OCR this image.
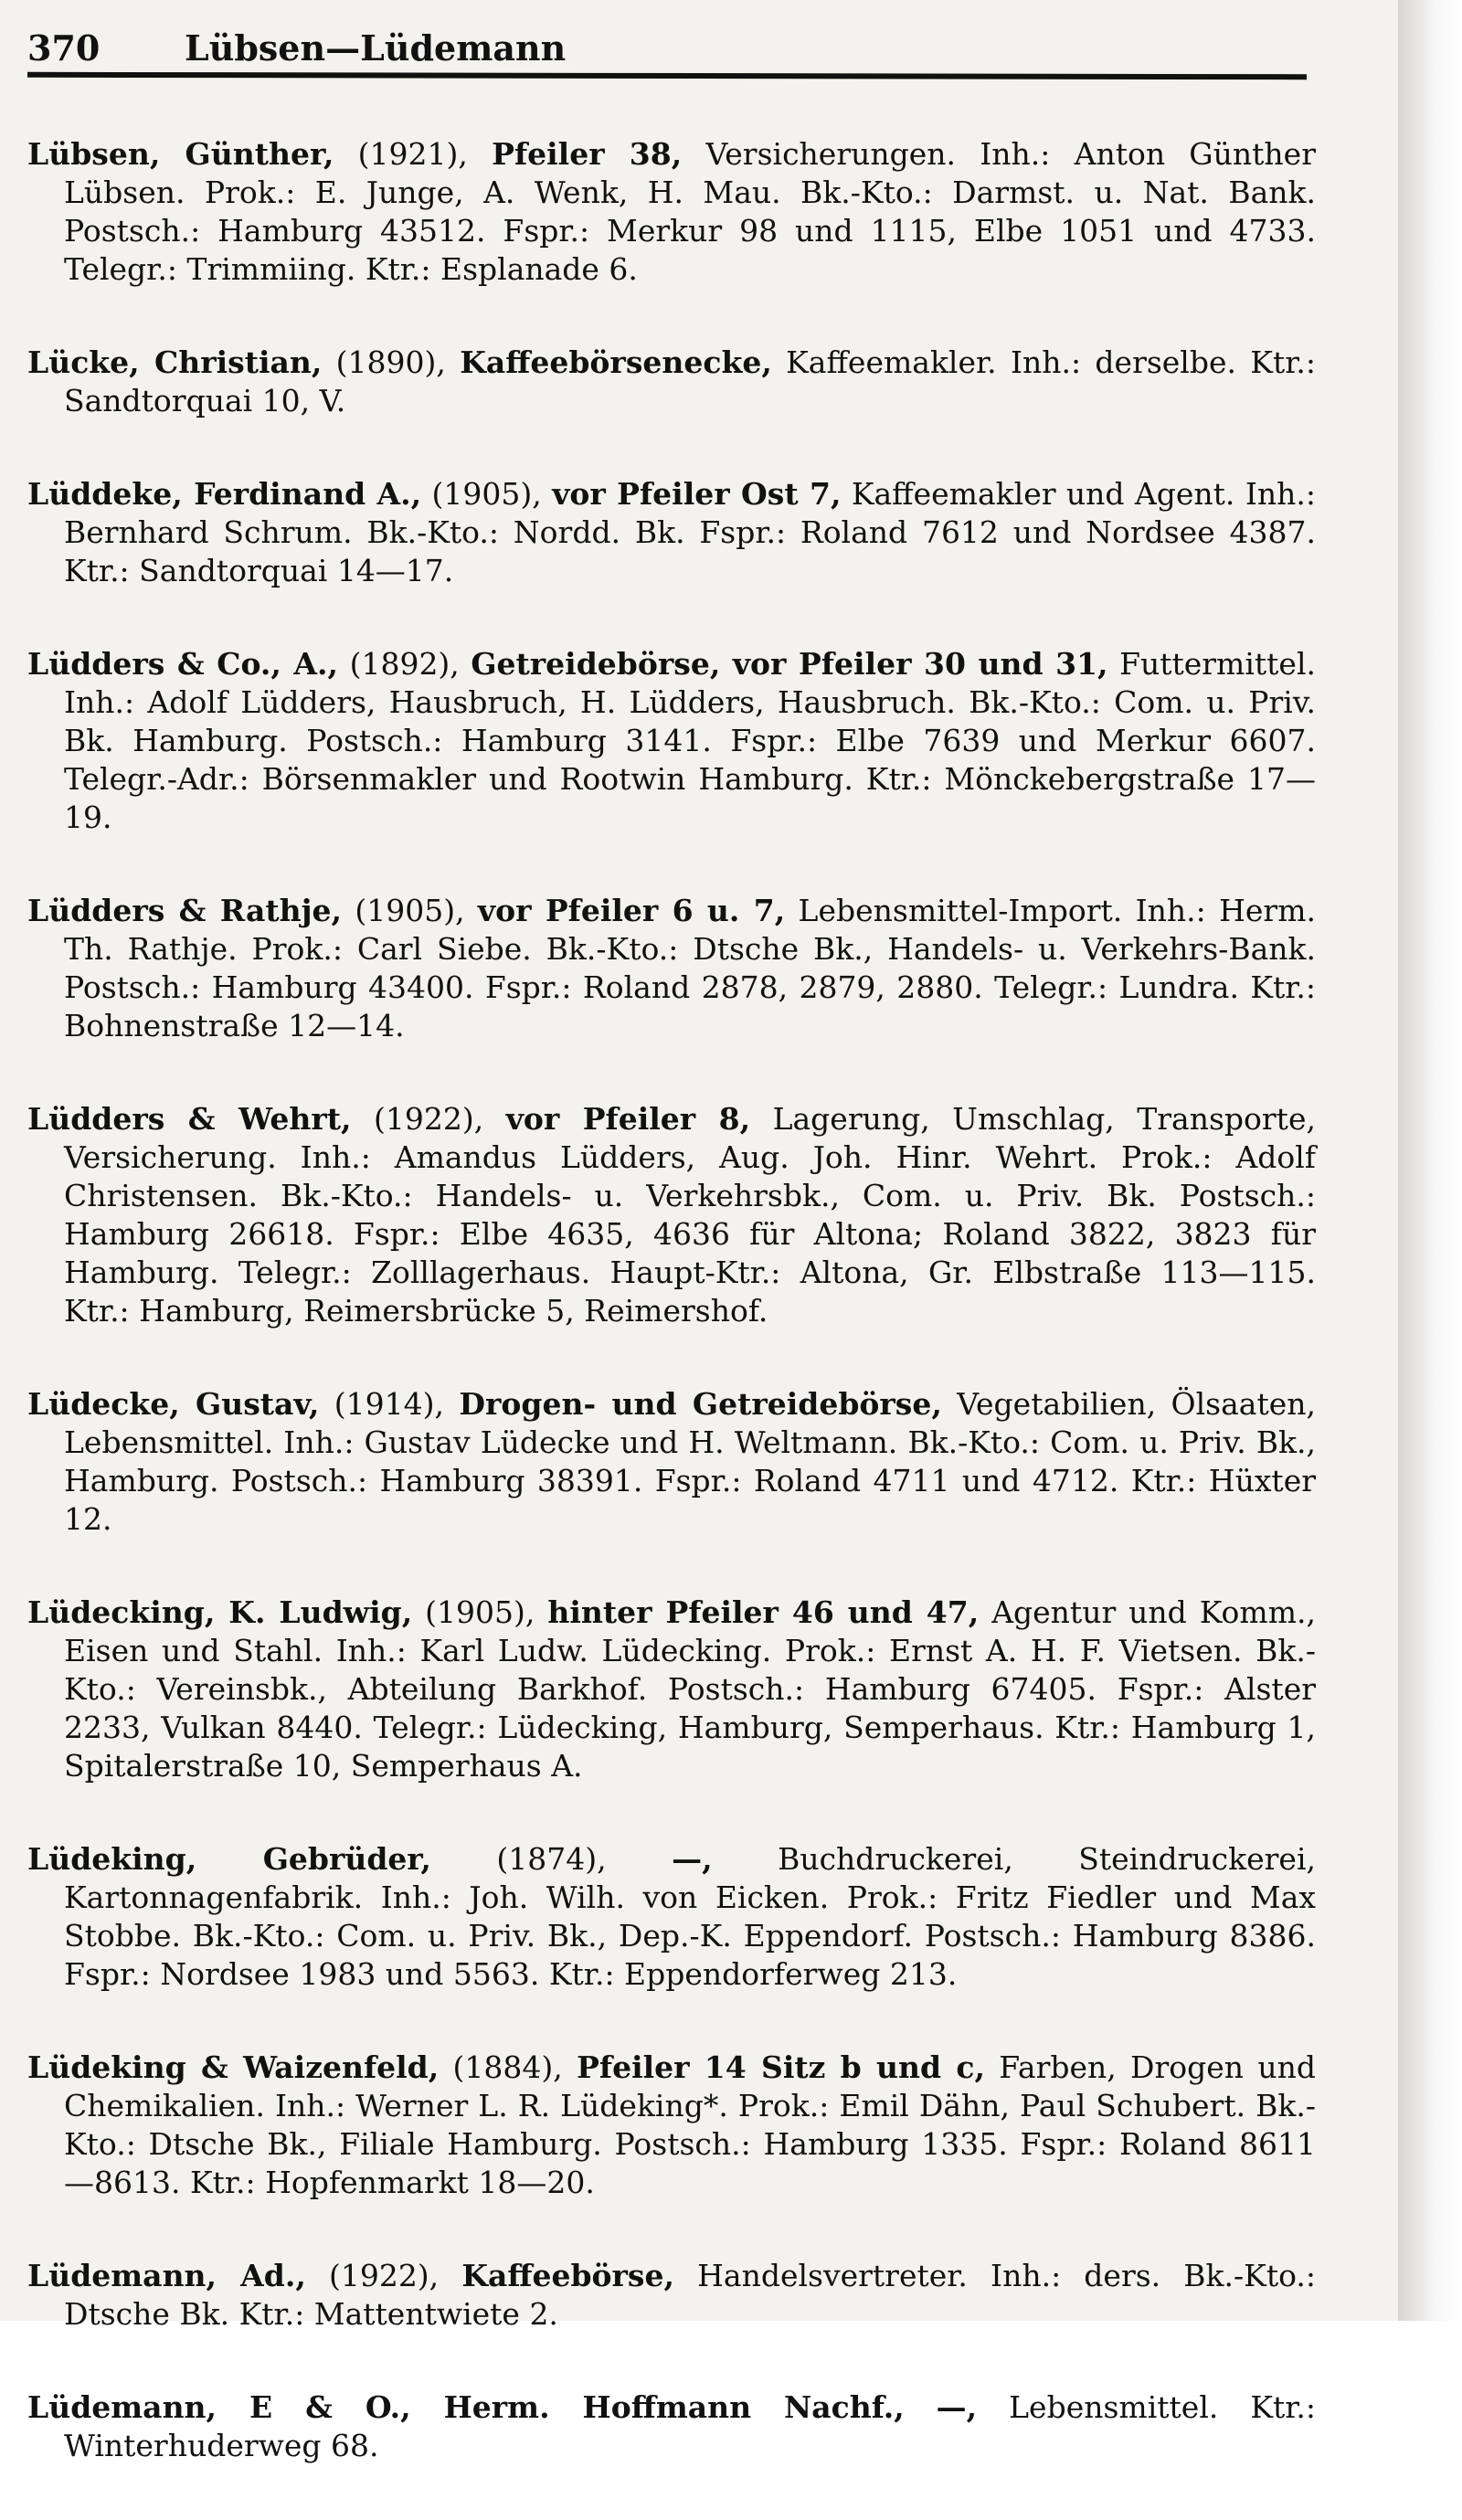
370 Lübsen—Lüdemann

Lübsen, Günther, (1921), Pfeiler 38, Versicherungen. Inh.: Anton Günther Lübsen. Prok.: E. Junge, A. Wenk, H. Mau. Bk.-Kto.: Darmst. u. Nat. Bank. Postsch.: Hamburg 43512. Fspr.: Merkur 98 und 1115, Elbe 1051 und 4733. Telegr.: Trimmiing. Ktr.: Esplanade 6.

Lücke, Christian, (1890), Kaffeebörsenecke, Kaffeemakler. Inh.: derselbe. Ktr.: Sandtorquai 10, V.

Lüddeke, Ferdinand A., (1905), vor Pfeiler Ost 7, Kaffeemakler und Agent. Inh.: Bernhard Schrum. Bk.-Kto.: Nordd. Bk. Fspr.: Roland 7612 und Nordsee 4387. Ktr.: Sandtorquai 14—17.

Lüdders & Co., A., (1892), Getreidebörse, vor Pfeiler 30 und 31, Futtermittel. Inh.: Adolf Lüdders, Hausbruch, H. Lüdders, Hausbruch. Bk.-Kto.: Com. u. Priv. Bk. Hamburg. Postsch.: Hamburg 3141. Fspr.: Elbe 7639 und Merkur 6607. Telegr.-Adr.: Börsenmakler und Rootwin Hamburg. Ktr.: Mönckebergstraße 17—19.

Lüdders & Rathje, (1905), vor Pfeiler 6 u. 7, Lebensmittel-Import. Inh.: Herm. Th. Rathje. Prok.: Carl Siebe. Bk.-Kto.: Dtsche Bk., Handels- u. Verkehrs-Bank. Postsch.: Hamburg 43400. Fspr.: Roland 2878, 2879, 2880. Telegr.: Lundra. Ktr.: Bohnenstraße 12—14.

Lüdders & Wehrt, (1922), vor Pfeiler 8, Lagerung, Umschlag, Transporte, Versicherung. Inh.: Amandus Lüdders, Aug. Joh. Hinr. Wehrt. Prok.: Adolf Christensen. Bk.-Kto.: Handels- u. Verkehrsbk., Com. u. Priv. Bk. Postsch.: Hamburg 26618. Fspr.: Elbe 4635, 4636 für Altona; Roland 3822, 3823 für Hamburg. Telegr.: Zolllagerhaus. Haupt-Ktr.: Altona, Gr. Elbstraße 113—115. Ktr.: Hamburg, Reimersbrücke 5, Reimershof.

Lüdecke, Gustav, (1914), Drogen- und Getreidebörse, Vegetabilien, Ölsaaten, Lebensmittel. Inh.: Gustav Lüdecke und H. Weltmann. Bk.-Kto.: Com. u. Priv. Bk., Hamburg. Postsch.: Hamburg 38391. Fspr.: Roland 4711 und 4712. Ktr.: Hüxter 12.

Lüdecking, K. Ludwig, (1905), hinter Pfeiler 46 und 47, Agentur und Komm., Eisen und Stahl. Inh.: Karl Ludw. Lüdecking. Prok.: Ernst A. H. F. Vietsen. Bk.-Kto.: Vereinsbk., Abteilung Barkhof. Postsch.: Hamburg 67405. Fspr.: Alster 2233, Vulkan 8440. Telegr.: Lüdecking, Hamburg, Semperhaus. Ktr.: Hamburg 1, Spitalerstraße 10, Semperhaus A.

Lüdeking, Gebrüder, (1874), —, Buchdruckerei, Steindruckerei, Kartonnagenfabrik. Inh.: Joh. Wilh. von Eicken. Prok.: Fritz Fiedler und Max Stobbe. Bk.-Kto.: Com. u. Priv. Bk., Dep.-K. Eppendorf. Postsch.: Hamburg 8386. Fspr.: Nordsee 1983 und 5563. Ktr.: Eppendorferweg 213.

Lüdeking & Waizenfeld, (1884), Pfeiler 14 Sitz b und c, Farben, Drogen und Chemikalien. Inh.: Werner L. R. Lüdeking*. Prok.: Emil Dähn, Paul Schubert. Bk.-Kto.: Dtsche Bk., Filiale Hamburg. Postsch.: Hamburg 1335. Fspr.: Roland 8611—8613. Ktr.: Hopfenmarkt 18—20.

Lüdemann, Ad., (1922), Kaffeebörse, Handelsvertreter. Inh.: ders. Bk.-Kto.: Dtsche Bk. Ktr.: Mattentwiete 2.

Lüdemann, E & O., Herm. Hoffmann Nachf., —, Lebensmittel. Ktr.: Winterhuderweg 68.
